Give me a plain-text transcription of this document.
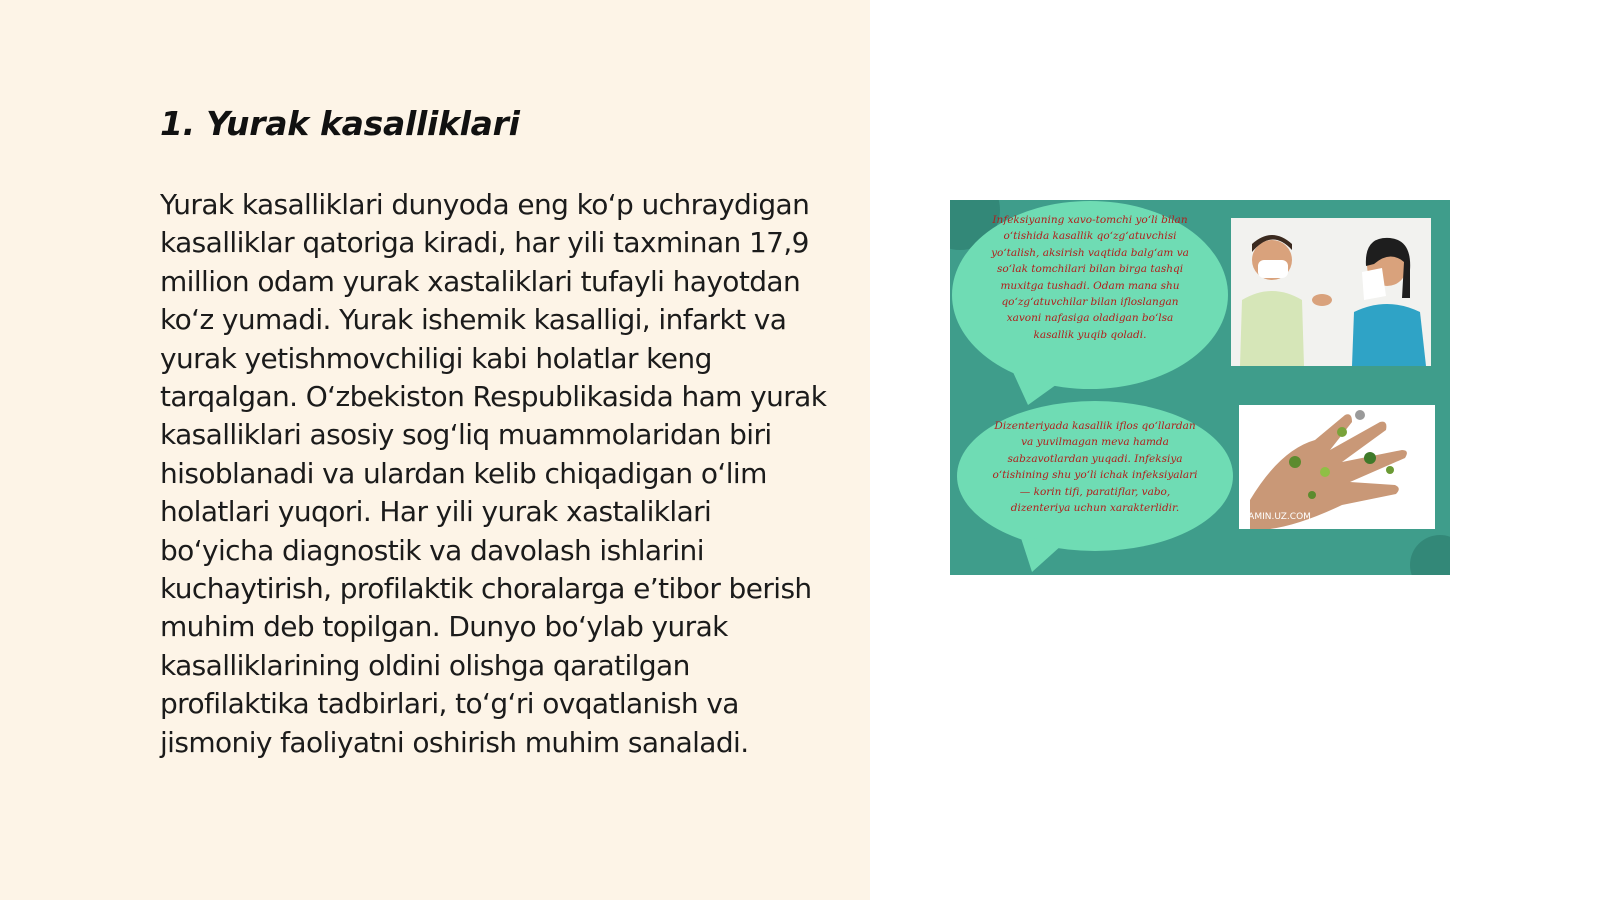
1. Yurak kasalliklari

Yurak kasalliklari dunyoda eng ko‘p uchraydigan kasalliklar qatoriga kiradi, har yili taxminan 17,9 million odam yurak xastaliklari tufayli hayotdan ko‘z yumadi. Yurak ishemik kasalligi, infarkt va yurak yetishmovchiligi kabi holatlar keng tarqalgan. O‘zbekiston Respublikasida ham yurak kasalliklari asosiy sog‘liq muammolaridan biri hisoblanadi va ulardan kelib chiqadigan o‘lim holatlari yuqori. Har yili yurak xastaliklari bo‘yicha diagnostik va davolash ishlarini kuchaytirish, profilaktik choralarga e’tibor berish muhim deb topilgan. Dunyo bo‘ylab yurak kasalliklarining oldini olishga qaratilgan profilaktika tadbirlari, to‘g‘ri ovqatlanish va jismoniy faoliyatni oshirish muhim sanaladi.

Infeksiyaning xavo-tomchi yo‘li bilan o‘tishida kasallik qo‘zg‘atuvchisi yo‘talish, aksirish vaqtida balg‘am va so‘lak tomchilari bilan birga tashqi muxitga tushadi. Odam mana shu qo‘zg‘atuvchilar bilan ifloslangan xavoni nafasiga oladigan bo‘lsa kasallik yuqib qoladi.
Dizenteriyada kasallik iflos qo‘llardan va yuvilmagan meva hamda sabzavotlardan yuqadi. Infeksiya o‘tishining shu yo‘li ichak infeksiyalari — korin tifi, paratiflar, vabo, dizenteriya uchun xarakterlidir.
ZAMIN.UZ.COM
